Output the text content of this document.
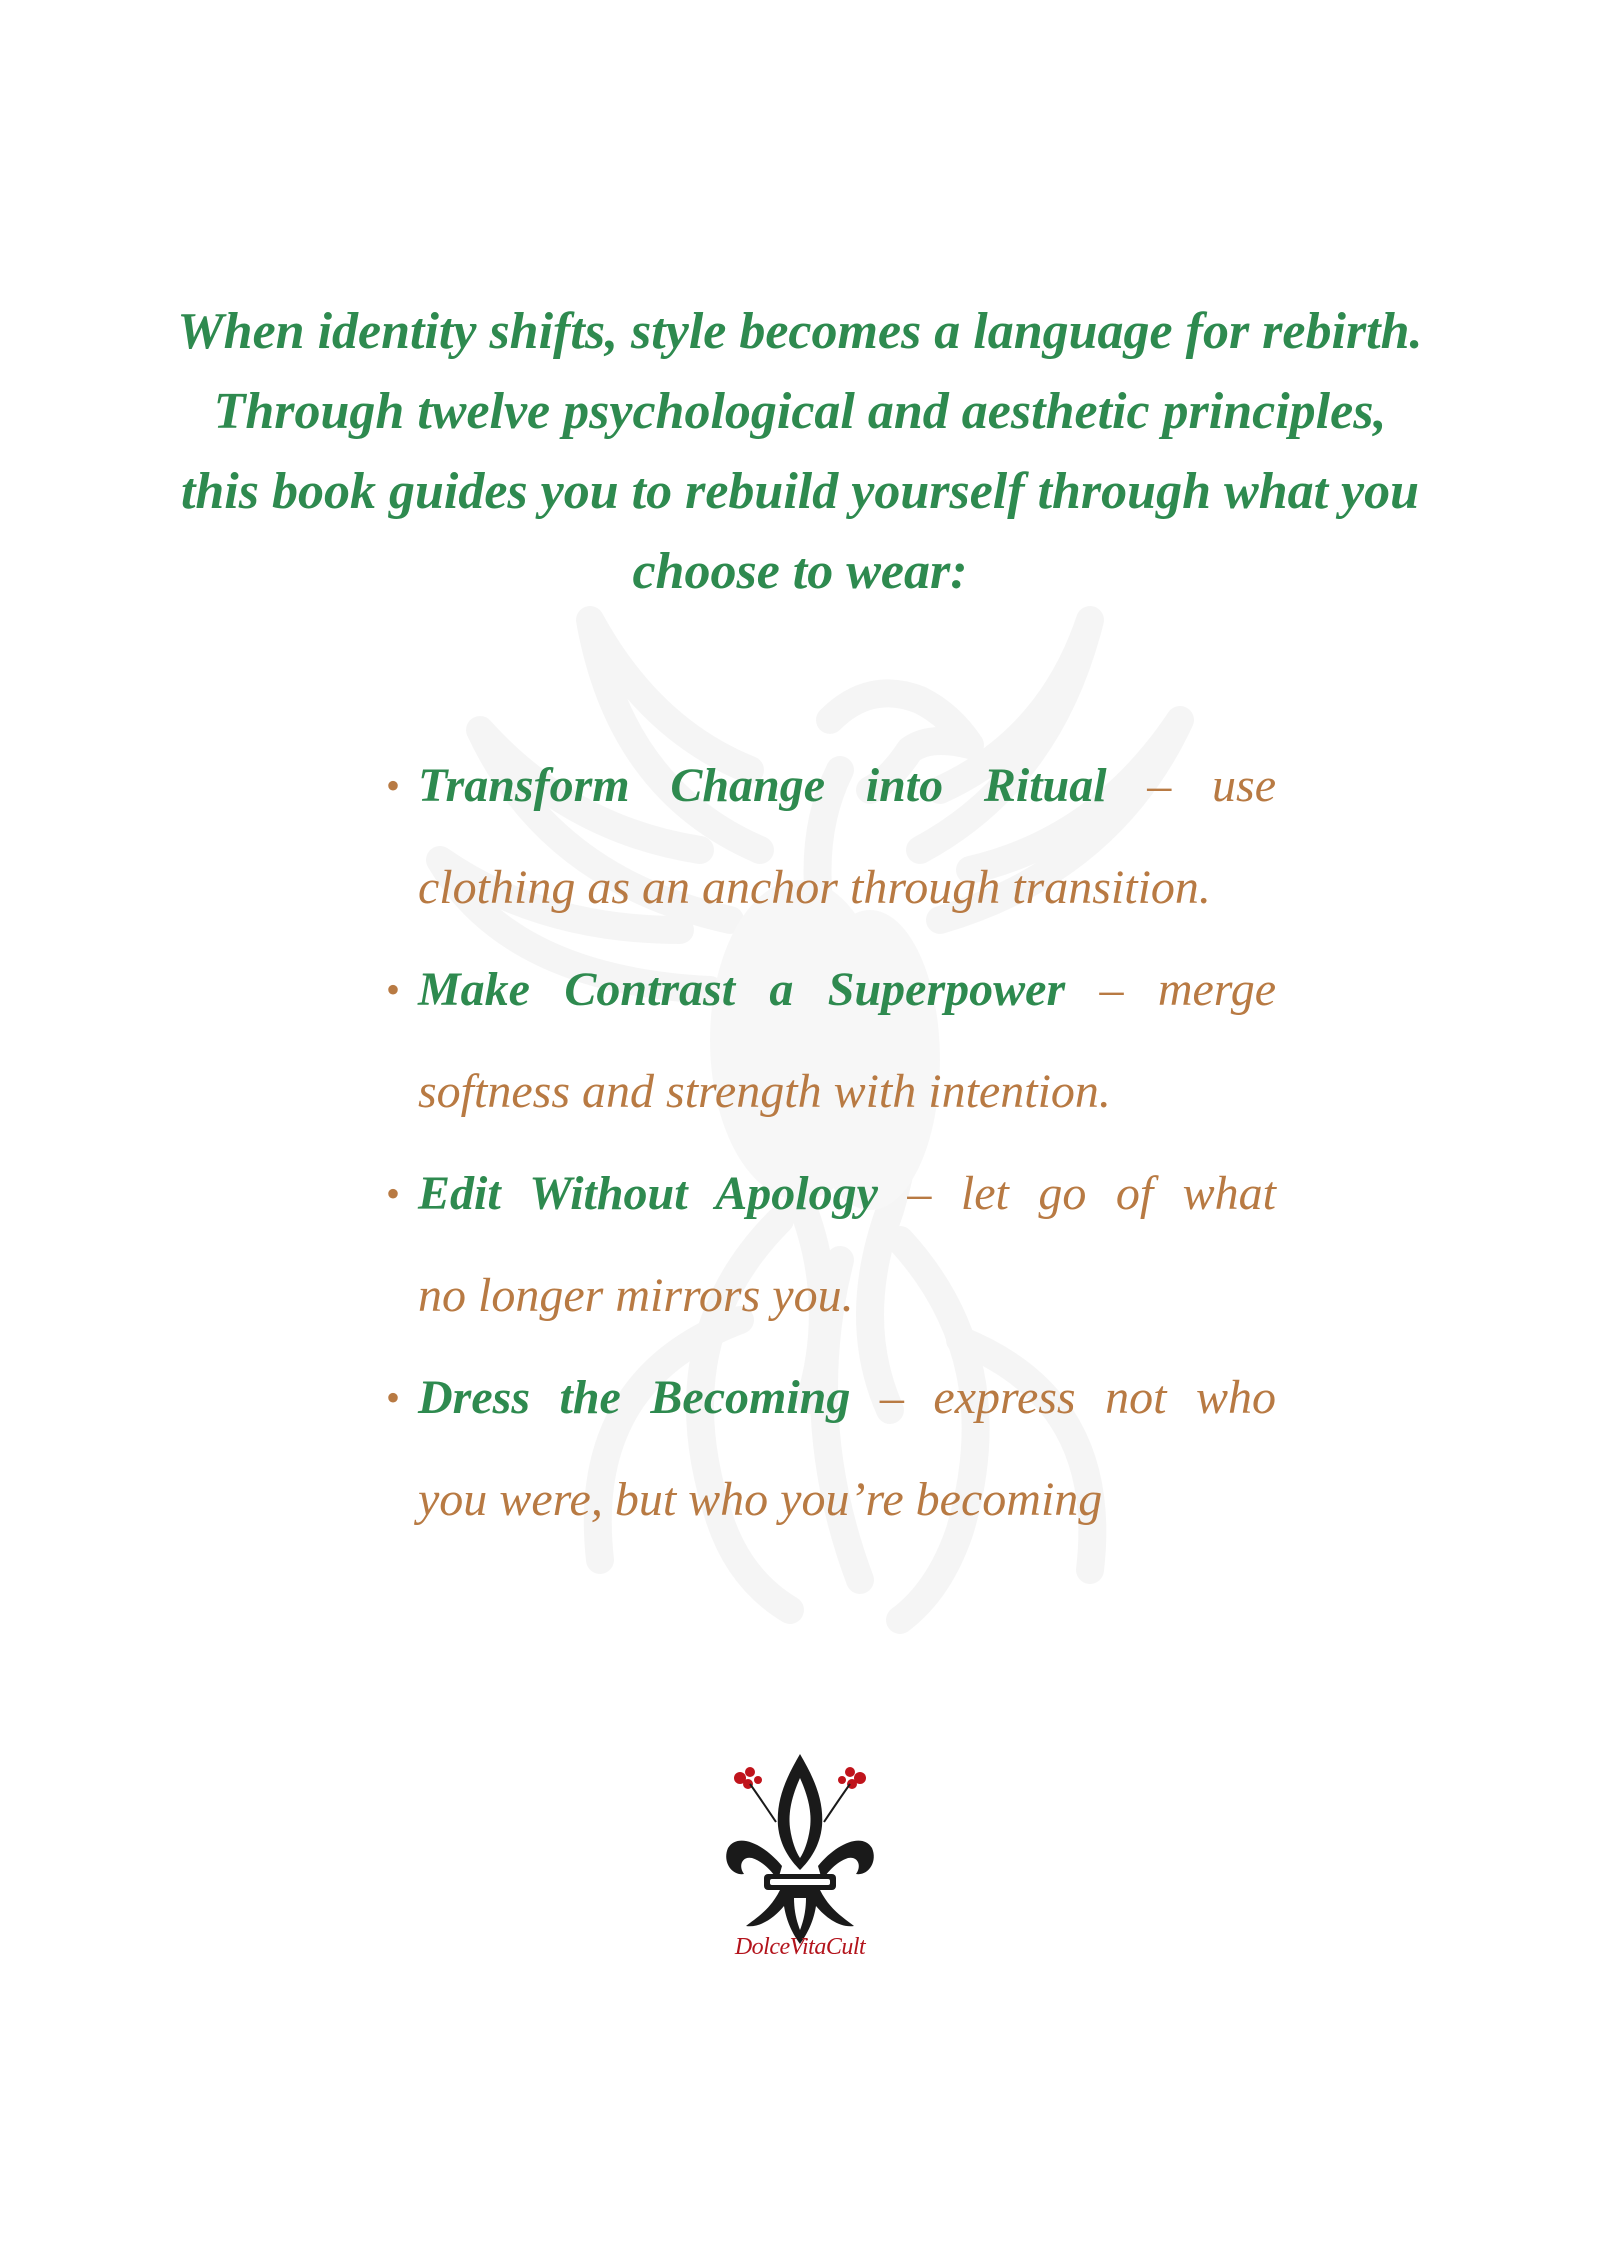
When identity shifts, style becomes a language for rebirth.
Through twelve psychological and aesthetic principles,
this book guides you to rebuild yourself through what you
choose to wear:
• Transform Change into Ritual – use
clothing as an anchor through transition.
• Make Contrast a Superpower – merge
softness and strength with intention.
• Edit Without Apology – let go of what
no longer mirrors you.
• Dress the Becoming – express not who
you were, but who you’re becoming
DolceVitaCult
